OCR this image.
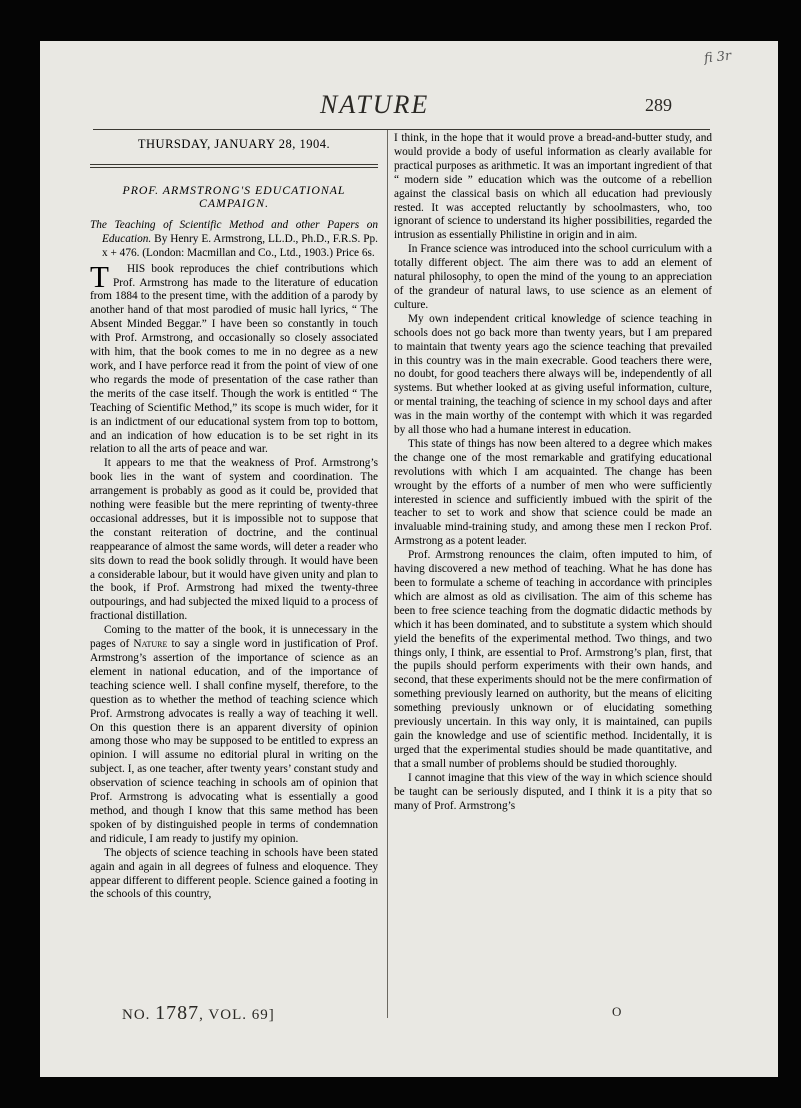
fi 3r
NATURE	289
THURSDAY, JANUARY 28, 1904.
PROF. ARMSTRONG'S EDUCATIONAL CAMPAIGN.

The Teaching of Scientific Method and other Papers on Education. By Henry E. Armstrong, LL.D., Ph.D., F.R.S. Pp. x + 476. (London: Macmillan and Co., Ltd., 1903.) Price 6s.

T HIS book reproduces the chief contributions which Prof. Armstrong has made to the literature of education from 1884 to the present time, with the addition of a parody by another hand of that most parodied of music hall lyrics, “ The Absent Minded Beggar.” I have been so constantly in touch with Prof. Armstrong, and occasionally so closely associated with him, that the book comes to me in no degree as a new work, and I have perforce read it from the point of view of one who regards the mode of presentation of the case rather than the merits of the case itself. Though the work is entitled “ The Teaching of Scientific Method,” its scope is much wider, for it is an indictment of our educational system from top to bottom, and an indication of how education is to be set right in its relation to all the arts of peace and war.

It appears to me that the weakness of Prof. Armstrong’s book lies in the want of system and coordination. The arrangement is probably as good as it could be, provided that nothing were feasible but the mere reprinting of twenty-three occasional addresses, but it is impossible not to suppose that the constant reiteration of doctrine, and the continual reappearance of almost the same words, will deter a reader who sits down to read the book solidly through. It would have been a considerable labour, but it would have given unity and plan to the book, if Prof. Armstrong had mixed the twenty-three outpourings, and had subjected the mixed liquid to a process of fractional distillation.

Coming to the matter of the book, it is unnecessary in the pages of Nature to say a single word in justification of Prof. Armstrong’s assertion of the importance of science as an element in national education, and of the importance of teaching science well. I shall confine myself, therefore, to the question as to whether the method of teaching science which Prof. Armstrong advocates is really a way of teaching it well. On this question there is an apparent diversity of opinion among those who may be supposed to be entitled to express an opinion. I will assume no editorial plural in writing on the subject. I, as one teacher, after twenty years’ constant study and observation of science teaching in schools am of opinion that Prof. Armstrong is advocating what is essentially a good method, and though I know that this same method has been spoken of by distinguished people in terms of condemnation and ridicule, I am ready to justify my opinion.

The objects of science teaching in schools have been stated again and again in all degrees of fulness and eloquence. They appear different to different people. Science gained a footing in the schools of this country,

I think, in the hope that it would prove a bread-and-butter study, and would provide a body of useful information as clearly available for practical purposes as arithmetic. It was an important ingredient of that “ modern side ” education which was the outcome of a rebellion against the classical basis on which all education had previously rested. It was accepted reluctantly by schoolmasters, who, too ignorant of science to understand its higher possibilities, regarded the intrusion as essentially Philistine in origin and in aim.

In France science was introduced into the school curriculum with a totally different object. The aim there was to add an element of natural philosophy, to open the mind of the young to an appreciation of the grandeur of natural laws, to use science as an element of culture.

My own independent critical knowledge of science teaching in schools does not go back more than twenty years, but I am prepared to maintain that twenty years ago the science teaching that prevailed in this country was in the main execrable. Good teachers there were, no doubt, for good teachers there always will be, independently of all systems. But whether looked at as giving useful information, culture, or mental training, the teaching of science in my school days and after was in the main worthy of the contempt with which it was regarded by all those who had a humane interest in education.

This state of things has now been altered to a degree which makes the change one of the most remarkable and gratifying educational revolutions with which I am acquainted. The change has been wrought by the efforts of a number of men who were sufficiently interested in science and sufficiently imbued with the spirit of the teacher to set to work and show that science could be made an invaluable mind-training study, and among these men I reckon Prof. Armstrong as a potent leader.

Prof. Armstrong renounces the claim, often imputed to him, of having discovered a new method of teaching. What he has done has been to formulate a scheme of teaching in accordance with principles which are almost as old as civilisation. The aim of this scheme has been to free science teaching from the dogmatic didactic methods by which it has been dominated, and to substitute a system which should yield the benefits of the experimental method. Two things, and two things only, I think, are essential to Prof. Armstrong’s plan, first, that the pupils should perform experiments with their own hands, and second, that these experiments should not be the mere confirmation of something previously learned on authority, but the means of eliciting something previously unknown or of elucidating something previously uncertain. In this way only, it is maintained, can pupils gain the knowledge and use of scientific method. Incidentally, it is urged that the experimental studies should be made quantitative, and that a small number of problems should be studied thoroughly.

I cannot imagine that this view of the way in which science should be taught can be seriously disputed, and I think it is a pity that so many of Prof. Armstrong’s

NO. 1787, VOL. 69]	O
